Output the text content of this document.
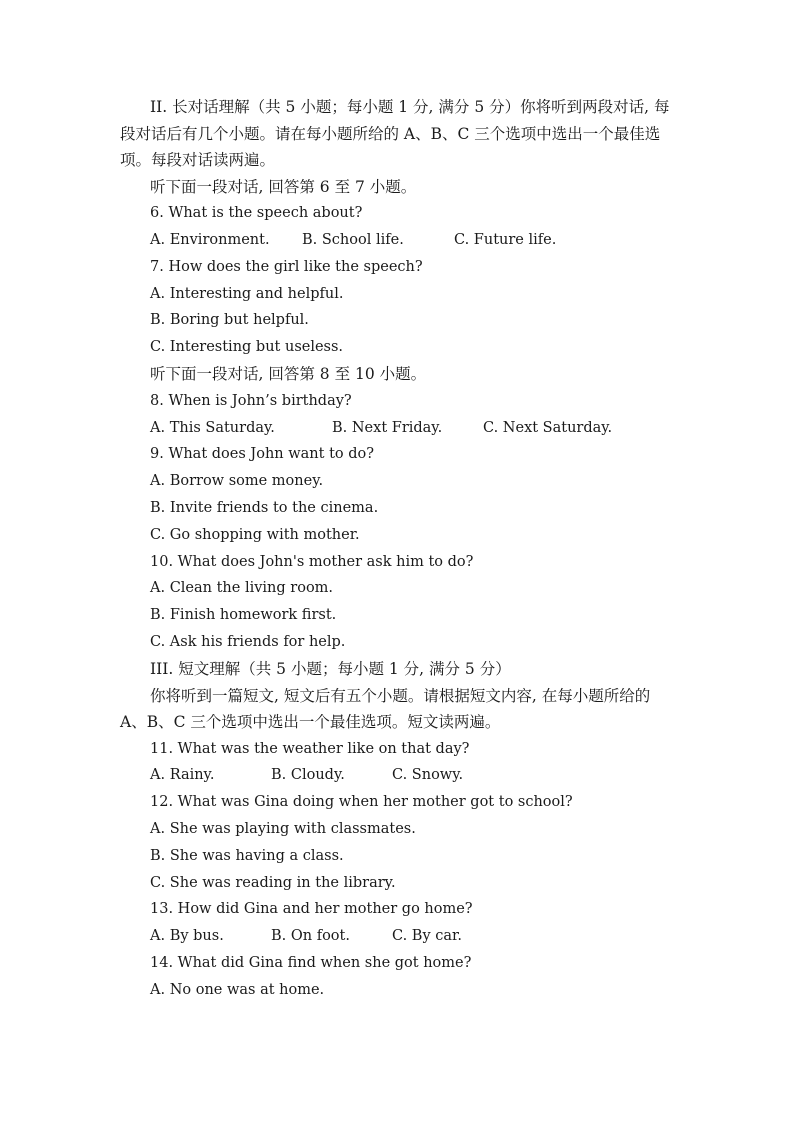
II. 长对话理解（共 5 小题；每小题 1 分, 满分 5 分）你将听到两段对话, 每段对话后有几个小题。请在每小题所给的 A、B、C 三个选项中选出一个最佳选项。每段对话读两遍。

听下面一段对话, 回答第 6 至 7 小题。

6. What is the speech about?

A. Environment.	B. School life.	C. Future life.

7. How does the girl like the speech?

A. Interesting and helpful.

B. Boring but helpful.

C. Interesting but useless.

听下面一段对话, 回答第 8 至 10 小题。

8. When is John’s birthday?

A. This Saturday.	B. Next Friday.	C. Next Saturday.

9. What does John want to do?

A. Borrow some money.

B. Invite friends to the cinema.

C. Go shopping with mother.

10. What does John's mother ask him to do?

A. Clean the living room.

B. Finish homework first.

C. Ask his friends for help.

III. 短文理解（共 5 小题；每小题 1 分, 满分 5 分）

你将听到一篇短文, 短文后有五个小题。请根据短文内容, 在每小题所给的 A、B、C 三个选项中选出一个最佳选项。短文读两遍。

11. What was the weather like on that day?

A. Rainy.	B. Cloudy.	C. Snowy.

12. What was Gina doing when her mother got to school?

A. She was playing with classmates.

B. She was having a class.

C. She was reading in the library.

13. How did Gina and her mother go home?

A. By bus.	B. On foot.	C. By car.

14. What did Gina find when she got home?

A. No one was at home.
